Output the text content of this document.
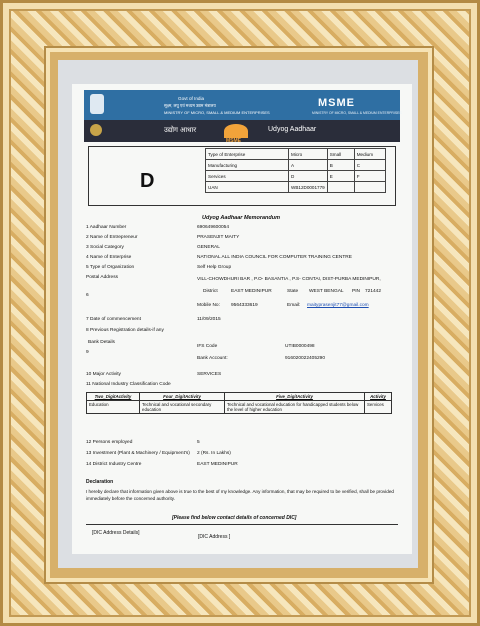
Govt of India
सूक्ष्म, लघु एवं मध्यम उद्यम मंत्रालय
MINISTRY OF MICRO, SMALL & MEDIUM ENTERPRISES
MSME
MINISTRY OF MICRO, SMALL & MEDIUM ENTERPRISES
उद्योग आधार
MSME
Udyog Aadhaar
D
Type of Enterprise	Micro	Small	Medium
Manufacturing	A	B	C
Services	D	E	F
UAN	WB12D0001779		
Udyog Aadhaar Memorandum
1 Aadhaar Number	690649600054
2 Name of Entrepreneur	PRASENJIT MAITY
3 Social Category	GENERAL
4 Name of Enterprise	NATIONAL ALL INDIA COUNCIL FOR COMPUTER TRAINING CENTRE
5 Type of Organization	Self Help Group
Postal Address	VILL-CHOWDHURI BAR , P.O- BASANTIA , P.S- CONTAI, DIST-PURBA MEDINIPUR,
6
District	EAST MEDINIPUR	State WEST BENGAL PIN 721442
Mobile No: 9564333619	Email: maityprasenjit77@gmail.com
7 Date of commencement	11/09/2015
8 Previous Registration details-if any
Bank Details
9
IFS Code	UTIB0000498
Bank Account:	916020022405290
10 Major Activity	SERVICES
11 National Industry Classification Code
Two_DigitActivity	Four_DigitActivity	Five_DigitActivity	Activity
Education	Technical and vocational secondary education	Technical and vocational education for handicapped students below the level of higher education	Services
12 Persons employed	5
13 Investment (Plant & Machinery / Equipment's) 2 (Rs. In Lakhs)
14 District Industry Centre	EAST MEDINIPUR
Declaration
I hereby declare that information given above is true to the best of my knowledge. Any information, that may be required to be verified, shall be provided immediately before the concerned authority.
[Please find below contact details of concerned DIC]
[DIC Address Details]
[DIC Address ]
